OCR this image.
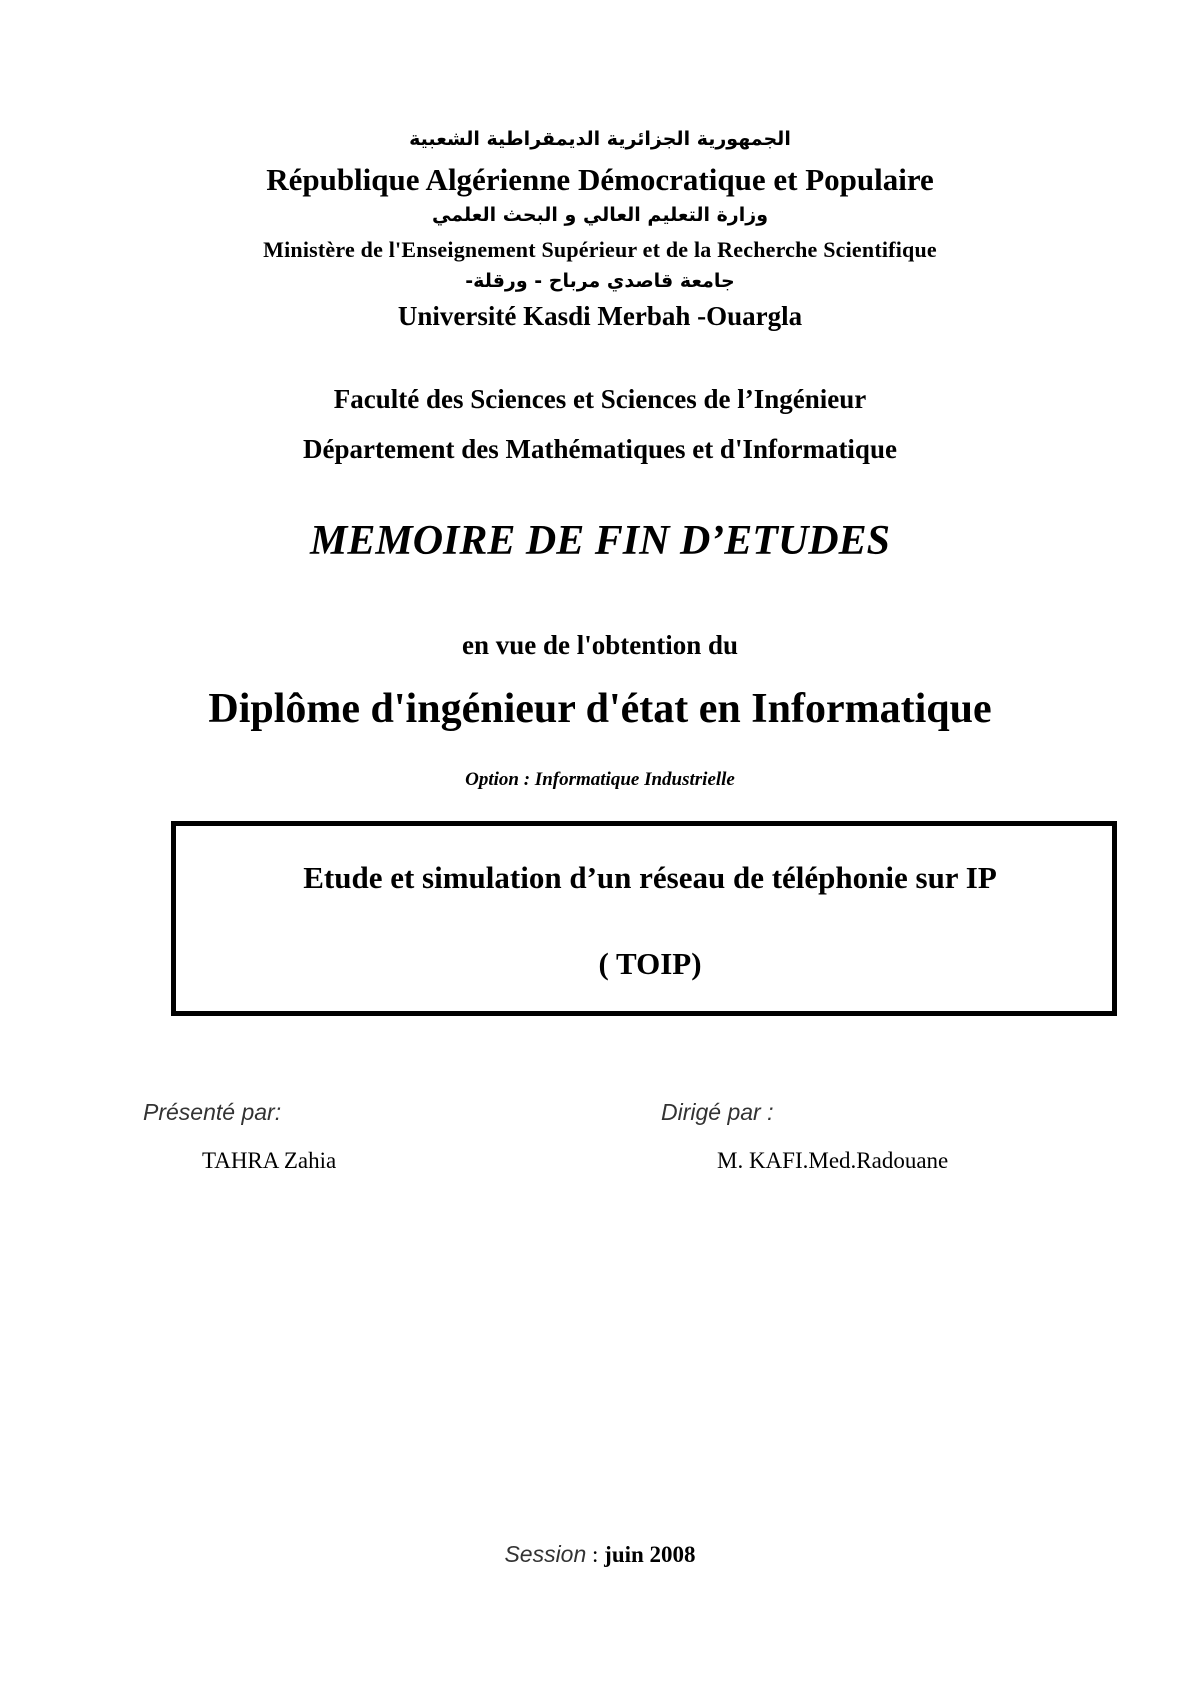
الجمهورية الجزائرية الديمقراطية الشعبية
République Algérienne Démocratique et Populaire
وزارة التعليم العالي و البحث العلمي
Ministère de l'Enseignement Supérieur et de la Recherche Scientifique
جامعة قاصدي مرباح - ورقلة-
Université Kasdi Merbah -Ouargla
Faculté des Sciences et Sciences de l’Ingénieur
Département des Mathématiques et d'Informatique
MEMOIRE DE FIN D’ETUDES
en vue de l'obtention du
Diplôme d'ingénieur d'état en Informatique
Option : Informatique Industrielle
Etude et simulation d’un réseau de téléphonie sur IP
( TOIP)
Présenté par:
TAHRA Zahia
Dirigé par :
M. KAFI.Med.Radouane
Session : juin 2008
